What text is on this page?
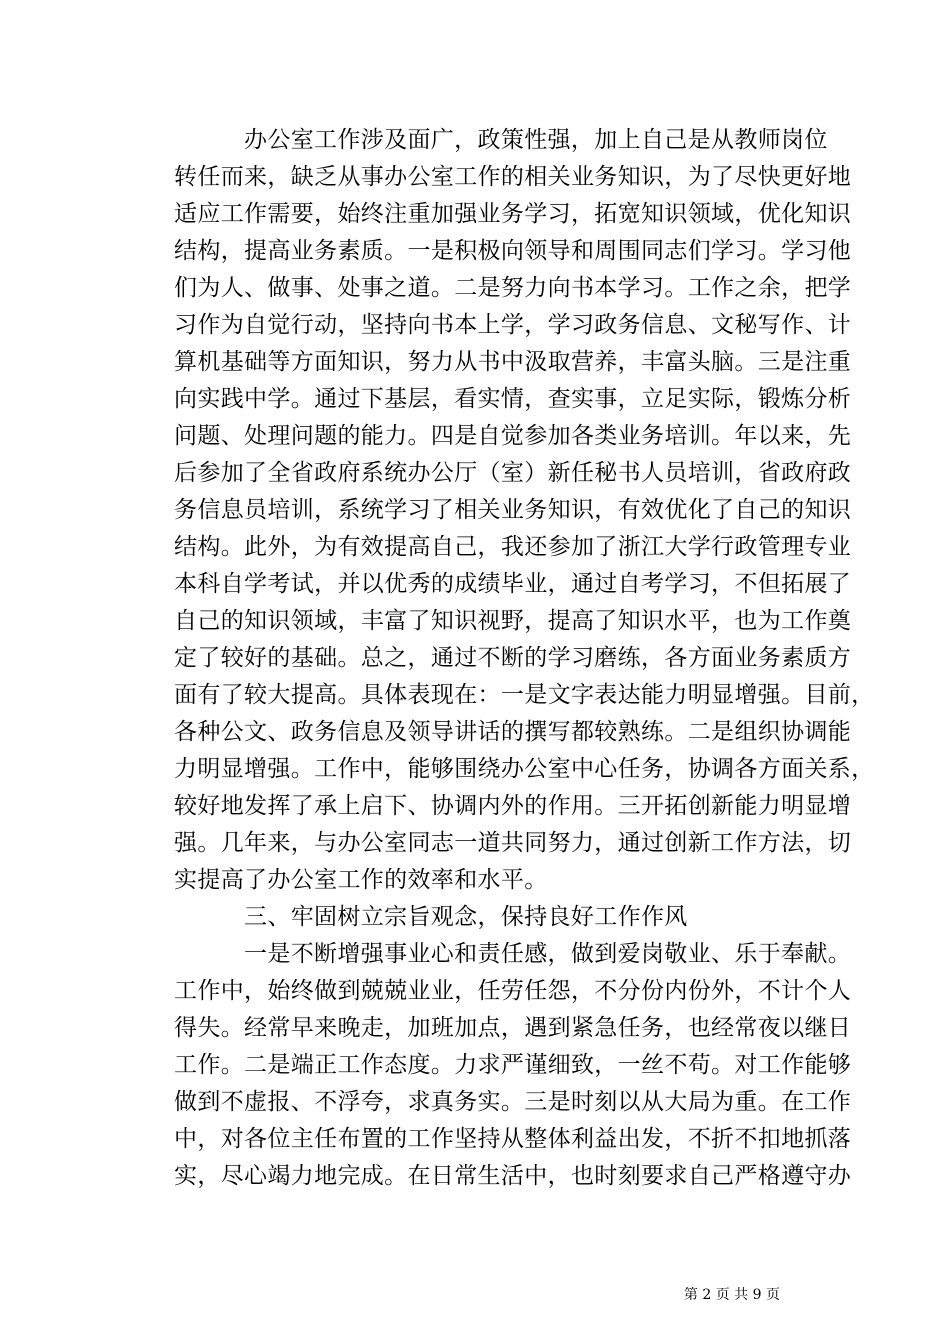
办公室工作涉及面广，政策性强，加上自己是从教师岗位
转任而来，缺乏从事办公室工作的相关业务知识，为了尽快更好地
适应工作需要，始终注重加强业务学习，拓宽知识领域，优化知识
结构，提高业务素质。一是积极向领导和周围同志们学习。学习他
们为人、做事、处事之道。二是努力向书本学习。工作之余，把学
习作为自觉行动，坚持向书本上学，学习政务信息、文秘写作、计
算机基础等方面知识，努力从书中汲取营养，丰富头脑。三是注重
向实践中学。通过下基层，看实情，查实事，立足实际，锻炼分析
问题、处理问题的能力。四是自觉参加各类业务培训。年以来，先
后参加了全省政府系统办公厅（室）新任秘书人员培训，省政府政
务信息员培训，系统学习了相关业务知识，有效优化了自己的知识
结构。此外，为有效提高自己，我还参加了浙江大学行政管理专业
本科自学考试，并以优秀的成绩毕业，通过自考学习，不但拓展了
自己的知识领域，丰富了知识视野，提高了知识水平，也为工作奠
定了较好的基础。总之，通过不断的学习磨练，各方面业务素质方
面有了较大提高。具体表现在：一是文字表达能力明显增强。目前，
各种公文、政务信息及领导讲话的撰写都较熟练。二是组织协调能
力明显增强。工作中，能够围绕办公室中心任务，协调各方面关系，
较好地发挥了承上启下、协调内外的作用。三开拓创新能力明显增
强。几年来，与办公室同志一道共同努力，通过创新工作方法，切
实提高了办公室工作的效率和水平。
三、牢固树立宗旨观念，保持良好工作作风
一是不断增强事业心和责任感，做到爱岗敬业、乐于奉献。
工作中，始终做到兢兢业业，任劳任怨，不分份内份外，不计个人
得失。经常早来晚走，加班加点，遇到紧急任务，也经常夜以继日
工作。二是端正工作态度。力求严谨细致，一丝不苟。对工作能够
做到不虚报、不浮夸，求真务实。三是时刻以从大局为重。在工作
中，对各位主任布置的工作坚持从整体利益出发，不折不扣地抓落
实，尽心竭力地完成。在日常生活中，也时刻要求自己严格遵守办
第 2 页 共 9 页
